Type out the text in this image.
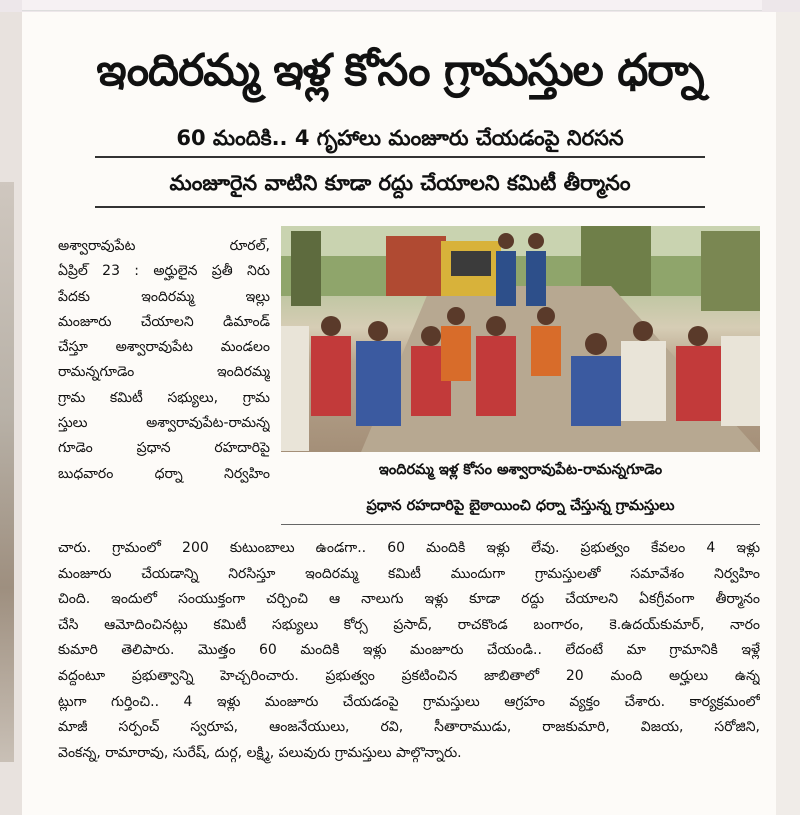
ఇందిరమ్మ ఇళ్ల కోసం గ్రామస్తుల ధర్నా
60 మందికి.. 4 గృహాలు మంజూరు చేయడంపై నిరసన
మంజూరైన వాటిని కూడా రద్దు చేయాలని కమిటీ తీర్మానం
అశ్వారావుపేట రూరల్,
ఏప్రిల్ 23 : అర్హులైన ప్రతీ నిరు
పేదకు ఇందిరమ్మ ఇల్లు
మంజూరు చేయాలని డిమాండ్
చేస్తూ అశ్వారావుపేట మండలం
రామన్నగూడెం ఇందిరమ్మ
గ్రామ కమిటీ సభ్యులు, గ్రామ
స్తులు అశ్వారావుపేట-రామన్న
గూడెం ప్రధాన రహదారిపై
బుధవారం ధర్నా నిర్వహిం	ఇందిరమ్మ ఇళ్ల కోసం అశ్వారావుపేట-రామన్నగూడెం
ప్రధాన రహదారిపై బైఠాయించి ధర్నా చేస్తున్న గ్రామస్తులు
చారు. గ్రామంలో 200 కుటుంబాలు ఉండగా.. 60 మందికి ఇళ్లు లేవు. ప్రభుత్వం కేవలం 4 ఇళ్లు
మంజూరు చేయడాన్ని నిరసిస్తూ ఇందిరమ్మ కమిటీ ముందుగా గ్రామస్తులతో సమావేశం నిర్వహిం
చింది. ఇందులో సంయుక్తంగా చర్చించి ఆ నాలుగు ఇళ్లు కూడా రద్దు చేయాలని ఏకగ్రీవంగా తీర్మానం
చేసి ఆమోదించినట్లు కమిటీ సభ్యులు కోర్స ప్రసాద్, రాచకొండ బంగారం, కె.ఉదయ్‌కుమార్, నారం
కుమారి తెలిపారు. మొత్తం 60 మందికి ఇళ్లు మంజూరు చేయండి.. లేదంటే మా గ్రామానికి ఇళ్లే
వద్దంటూ ప్రభుత్వాన్ని హెచ్చరించారు. ప్రభుత్వం ప్రకటించిన జాబితాలో 20 మంది అర్హులు ఉన్న
ట్లుగా గుర్తించి.. 4 ఇళ్లు మంజూరు చేయడంపై గ్రామస్తులు ఆగ్రహం వ్యక్తం చేశారు. కార్యక్రమంలో
మాజీ సర్పంచ్ స్వరూప, ఆంజనేయులు, రవి, సీతారాముడు, రాజకుమారి, విజయ, సరోజిని,
వెంకన్న, రామారావు, సురేష్, దుర్గ, లక్ష్మి, పలువురు గ్రామస్తులు పాల్గొన్నారు.
